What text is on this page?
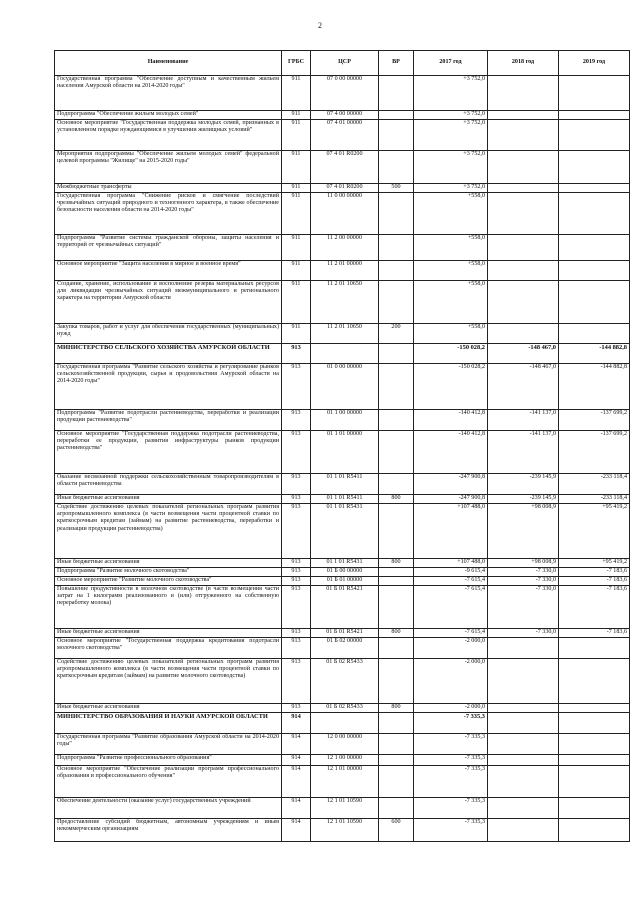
2
Наименование	ГРБС	ЦСР	ВР	2017 год	2018 год	2019 год
Государственная программа "Обеспечение доступным и качественным жильем населения Амурской области на 2014-2020 годы"	911	07 0 00 00000		+3 752,0		
Подпрограмма "Обеспечение жильем молодых семей"	911	07 4 00 00000		+3 752,0		
Основное мероприятие "Государственная поддержка молодых семей, признанных в установленном порядке нуждающимися в улучшении жилищных условий"	911	07 4 01 00000		+3 752,0		
Мероприятия подпрограммы "Обеспечение жильем молодых семей" федеральной целевой программы "Жилище" на 2015-2020 годы"	911	07 4 01 R0200		+3 752,0		
Межбюджетные трансферты	911	07 4 01 R0200	500	+3 752,0		
Государственная программа "Снижение рисков и смягчение последствий чрезвычайных ситуаций природного и техногенного характера, в также обеспечение безопасности населения области на 2014-2020 годы"	911	11 0 00 00000		+558,0		
Подпрограмма "Развитие системы гражданской обороны, защиты населения и территорий от чрезвычайных ситуаций"	911	11 2 00 00000		+558,0		
Основное мероприятие "Защита населения в мирное и военное время"	911	11 2 01 00000		+558,0		
Создание, хранение, использование и восполнение резерва материальных ресурсов для ликвидации чрезвычайных ситуаций межмуниципального и регионального характера на территории Амурской области	911	11 2 01 10650		+558,0		
Закупка товаров, работ и услуг для обеспечения государственных (муниципальных) нужд	911	11 2 01 10650	200	+558,0		
МИНИСТЕРСТВО СЕЛЬСКОГО ХОЗЯЙСТВА АМУРСКОЙ ОБЛАСТИ	913			-150 028,2	-148 467,0	-144 882,8
Государственная программа "Развитие сельского хозяйства и регулирование рынков сельскохозяйственной продукции, сырья и продовольствия Амурской области на 2014-2020 годы"	913	01 0 00 00000		-150 028,2	-148 467,0	-144 882,8
Подпрограмма "Развитие подотрасли растениеводства, переработки и реализации продукции растениеводства"	913	01 1 00 00000		-140 412,8	-141 137,0	-137 699,2
Основное мероприятие "Государственная поддержка подотрасли растениеводства, переработки ее продукции, развития инфраструктуры рынков продукции растениеводства"	913	01 1 01 00000		-140 412,8	-141 137,0	-137 699,2
Оказание несвязанной поддержки сельскохозяйственным товаропроизводителям в области растениеводства	913	01 1 01 R5411		-247 900,8	-239 145,9	-233 118,4
Иные бюджетные ассигнования	913	01 1 01 R5411	800	-247 900,8	-239 145,9	-233 118,4
Содействие достижению целевых показателей региональных программ развития агропромышленного комплекса (в части возмещения части процентной ставки по краткосрочным кредитам (займам) на развитие растениеводства, переработки и реализации продукции растениеводства)	913	01 1 01 R5431		+107 488,0	+98 008,9	+95 419,2
Иные бюджетные ассигнования	913	01 1 01 R5431	800	+107 488,0	+98 008,9	+95 419,2
Подпрограмма "Развитие молочного скотоводства"	913	01 Б 00 00000		-9 615,4	-7 330,0	-7 183,6
Основное мероприятие "Развитие молочного скотоводства"	913	01 Б 01 00000		-7 615,4	-7 330,0	-7 183,6
Повышение продуктивности в молочном скотоводстве (в части возмещения части затрат на 1 килограмм реализованного и (или) отгруженного на собственную переработку молока)	913	01 Б 01 R5421		-7 615,4	-7 330,0	-7 183,6
Иные бюджетные ассигнования	913	01 Б 01 R5421	800	-7 615,4	-7 330,0	-7 183,6
Основное мероприятие "Государственная поддержка кредитования подотрасли молочного скотоводства"	913	01 Б 02 00000		-2 000,0		
Содействие достижению целевых показателей региональных программ развития агропромышленного комплекса (в части возмещения части процентной ставки по краткосрочным кредитам (займам) на развитие молочного скотоводства)	913	01 Б 02 R5433		-2 000,0		
Иные бюджетные ассигнования	913	01 Б 02 R5433	800	-2 000,0		
МИНИСТЕРСТВО ОБРАЗОВАНИЯ И НАУКИ АМУРСКОЙ ОБЛАСТИ	914			-7 335,3		
Государственная программа "Развитие образования Амурской области на 2014-2020 годы"	914	12 0 00 00000		-7 335,3		
Подпрограмма "Развитие профессионального образования"	914	12 1 00 00000		-7 335,3		
Основное мероприятие "Обеспечение реализации программ профессионального образования и профессионального обучения"	914	12 1 01 00000		-7 335,3		
Обеспечение деятельности (оказание услуг) государственных учреждений	914	12 1 01 10590		-7 335,3		
Предоставление субсидий бюджетным, автономным учреждениям и иным некоммерческим организациям	914	12 1 01 10590	600	-7 335,3		
